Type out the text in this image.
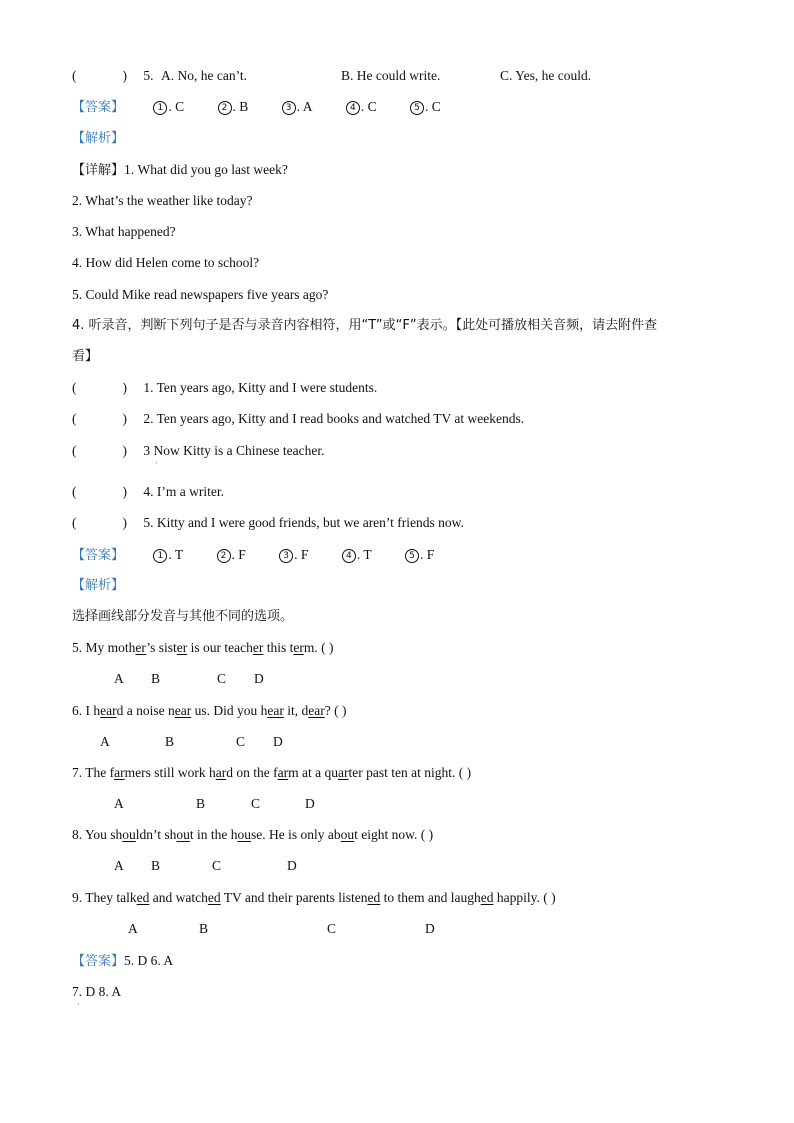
(	) 5. A. No, he can’t.	B. He could write.	C. Yes, he could.
【答案】	1 . C	2 . B	3 . A	4 . C	5 . C
【解析】
【详解】1. What did you go last week?
2. What’s the weather like today?
3. What happened?
4. How did Helen come to school?
5. Could Mike read newspapers five years ago?
4. 听录音，判断下列句子是否与录音内容相符，用“T”或“F”表示。【此处可播放相关音频，请去附件查
看】
(	) 1. Ten years ago, Kitty and I were students.
(	) 2. Ten years ago, Kitty and I read books and watched TV at weekends.
(	) 3 Now Kitty is a Chinese teacher.
·
(	) 4. I’m a writer.
(	) 5. Kitty and I were good friends, but we aren’t friends now.
【答案】	1 . T	2 . F	3 . F	4 . T	5 . F
【解析】
选择画线部分发音与其他不同的选项。
5. My mother’s sister is our teacher this term. ( )
A B	C D
6. I heard a noise near us. Did you hear it, dear? ( )
A	B	C D
7. The farmers still work hard on the farm at a quarter past ten at night. ( )
A	B	C	D
8. You shouldn’t shout in the house. He is only about eight now. ( )
A B	C	D
9. They talked and watched TV and their parents listened to them and laughed happily. ( )
A	B	C	D
【答案】5. D 6. A
7. D 8. A
·
